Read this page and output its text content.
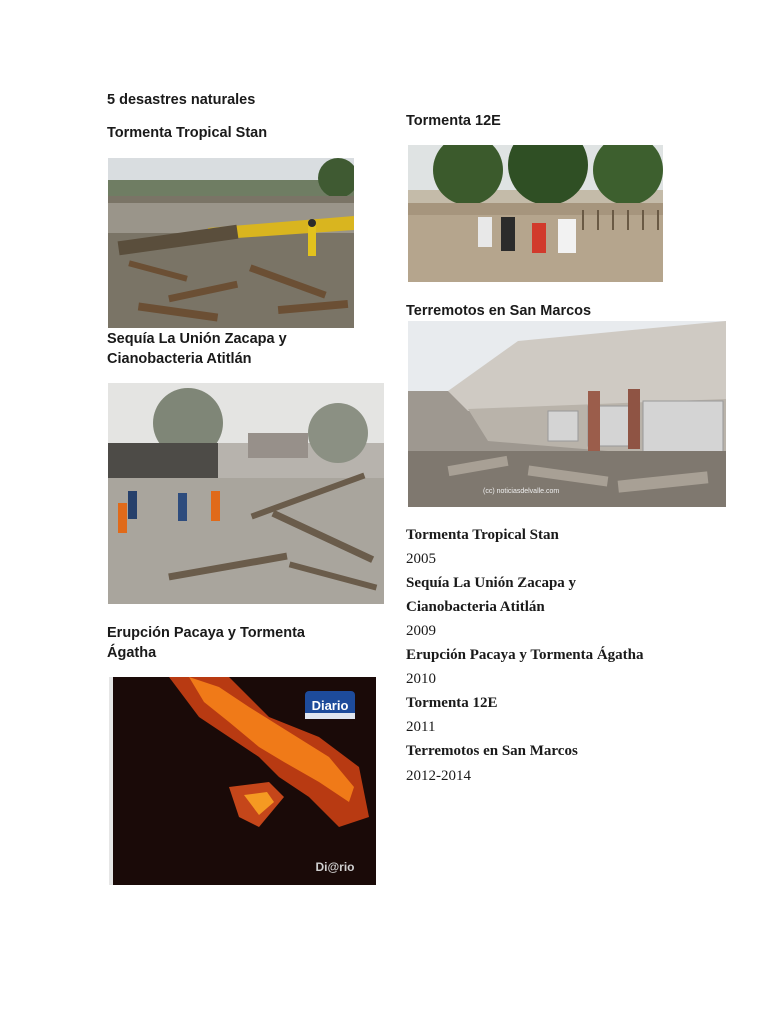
5 desastres naturales
Tormenta Tropical Stan
Sequía La Unión Zacapa y
Cianobacteria Atitlán
Erupción Pacaya y Tormenta
Ágatha
Diario
Di@rio
Tormenta 12E
Terremotos en San Marcos
(cc) noticiasdelvalle.com
Tormenta Tropical Stan
2005
Sequía La Unión Zacapa y
Cianobacteria Atitlán
2009
Erupción Pacaya y Tormenta Ágatha
2010
Tormenta 12E
2011
Terremotos en San Marcos
2012-2014
